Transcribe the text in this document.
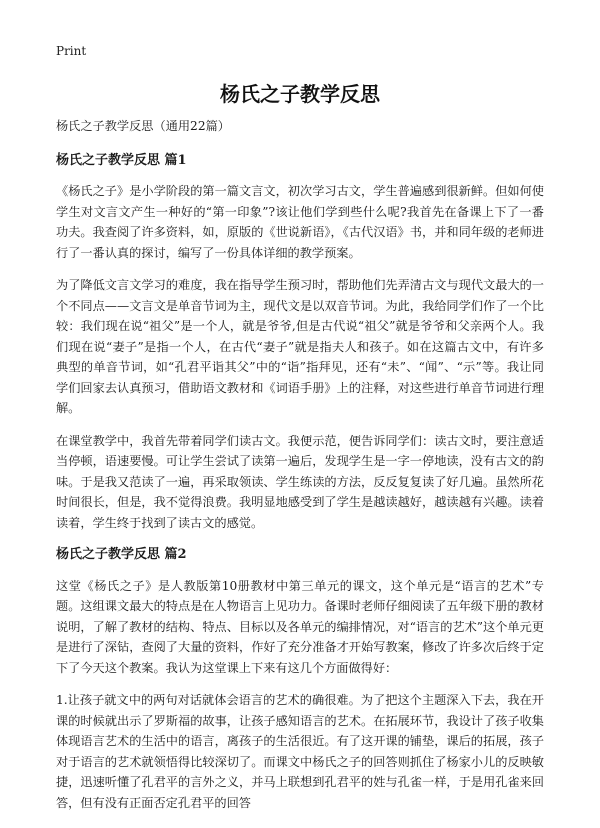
Print
杨氏之子教学反思

杨氏之子教学反思（通用22篇）

杨氏之子教学反思 篇1

《杨氏之子》是小学阶段的第一篇文言文，初次学习古文，学生普遍感到很新鲜。但如何使学生对文言文产生一种好的“第一印象”?该让他们学到些什么呢?我首先在备课上下了一番功夫。我查阅了许多资料，如，原版的《世说新语》，《古代汉语》书，并和同年级的老师进行了一番认真的探讨，编写了一份具体详细的教学预案。

为了降低文言文学习的难度，我在指导学生预习时，帮助他们先弄清古文与现代文最大的一个不同点——文言文是单音节词为主，现代文是以双音节词。为此，我给同学们作了一个比较：我们现在说“祖父”是一个人，就是爷爷,但是古代说“祖父”就是爷爷和父亲两个人。我们现在说“妻子”是指一个人，在古代“妻子”就是指夫人和孩子。如在这篇古文中，有许多典型的单音节词，如“孔君平诣其父”中的“诣”指拜见，还有“未”、“闻”、“示”等。我让同学们回家去认真预习，借助语文教材和《词语手册》上的注释，对这些进行单音节词进行理解。

在课堂教学中，我首先带着同学们读古文。我便示范，便告诉同学们：读古文时，要注意适当停顿，语速要慢。可让学生尝试了读第一遍后，发现学生是一字一停地读，没有古文的韵味。于是我又范读了一遍，再采取领读、学生练读的方法，反反复复读了好几遍。虽然所花时间很长，但是，我不觉得浪费。我明显地感受到了学生是越读越好，越读越有兴趣。读着读着，学生终于找到了读古文的感觉。

杨氏之子教学反思 篇2

这堂《杨氏之子》是人教版第10册教材中第三单元的课文，这个单元是“语言的艺术”专题。这组课文最大的特点是在人物语言上见功力。备课时老师仔细阅读了五年级下册的教材说明，了解了教材的结构、特点、目标以及各单元的编排情况，对“语言的艺术”这个单元更是进行了深钻，查阅了大量的资料，作好了充分准备才开始写教案，修改了许多次后终于定下了今天这个教案。我认为这堂课上下来有这几个方面做得好：

1.让孩子就文中的两句对话就体会语言的艺术的确很难。为了把这个主题深入下去，我在开课的时候就出示了罗斯福的故事，让孩子感知语言的艺术。在拓展环节，我设计了孩子收集体现语言艺术的生活中的语言，离孩子的生活很近。有了这开课的铺垫，课后的拓展，孩子对于语言的艺术就领悟得比较深切了。而课文中杨氏之子的回答则抓住了杨家小儿的反映敏捷，迅速听懂了孔君平的言外之义，并马上联想到孔君平的姓与孔雀一样，于是用孔雀来回答，但有没有正面否定孔君平的回答
